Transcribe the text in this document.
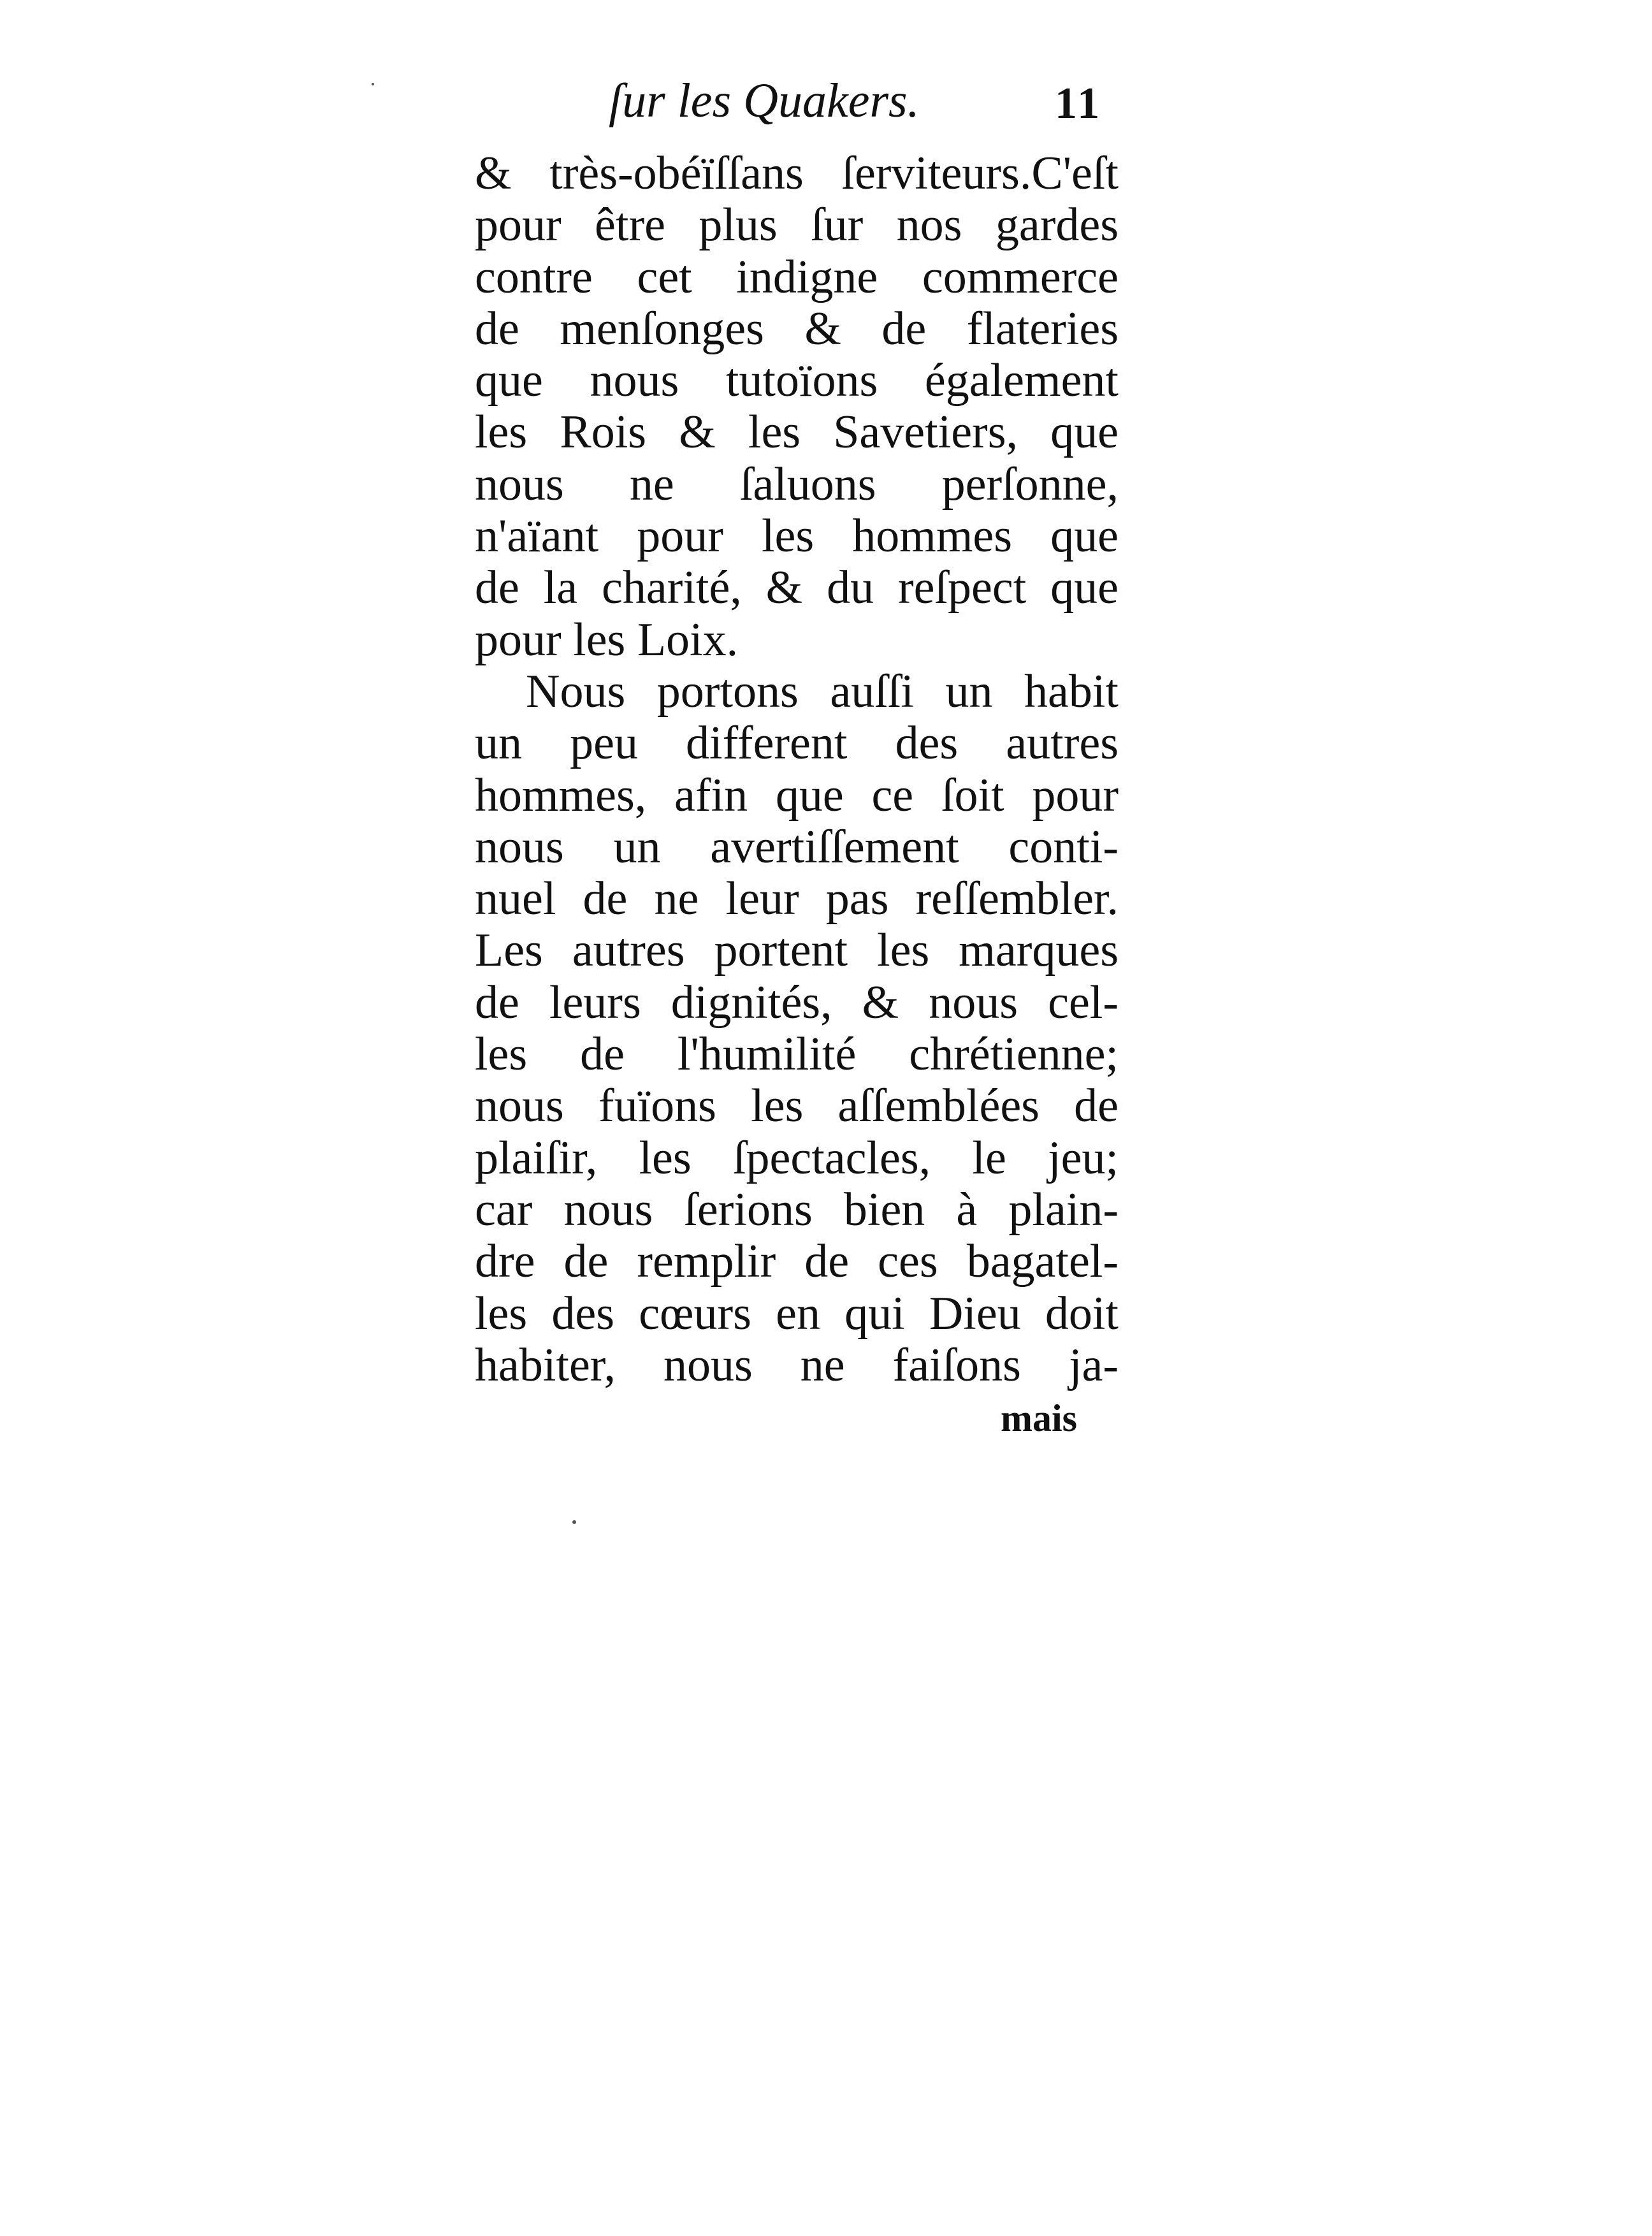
ſur les Quakers.	11
& très-obéïſſans ſerviteurs.C'eſt
pour être plus ſur nos gardes
contre cet indigne commerce
de menſonges & de flateries
que nous tutoïons également
les Rois & les Savetiers, que
nous ne ſaluons perſonne,
n'aïant pour les hommes que
de la charité, & du reſpect que
pour les Loix.
Nous portons auſſi un habit
un peu different des autres
hommes, afin que ce ſoit pour
nous un avertiſſement conti-
nuel de ne leur pas reſſembler.
Les autres portent les marques
de leurs dignités, & nous cel-
les de l'humilité chrétienne;
nous fuïons les aſſemblées de
plaiſir, les ſpectacles, le jeu;
car nous ſerions bien à plain-
dre de remplir de ces bagatel-
les des cœurs en qui Dieu doit
habiter, nous ne faiſons ja-
mais
